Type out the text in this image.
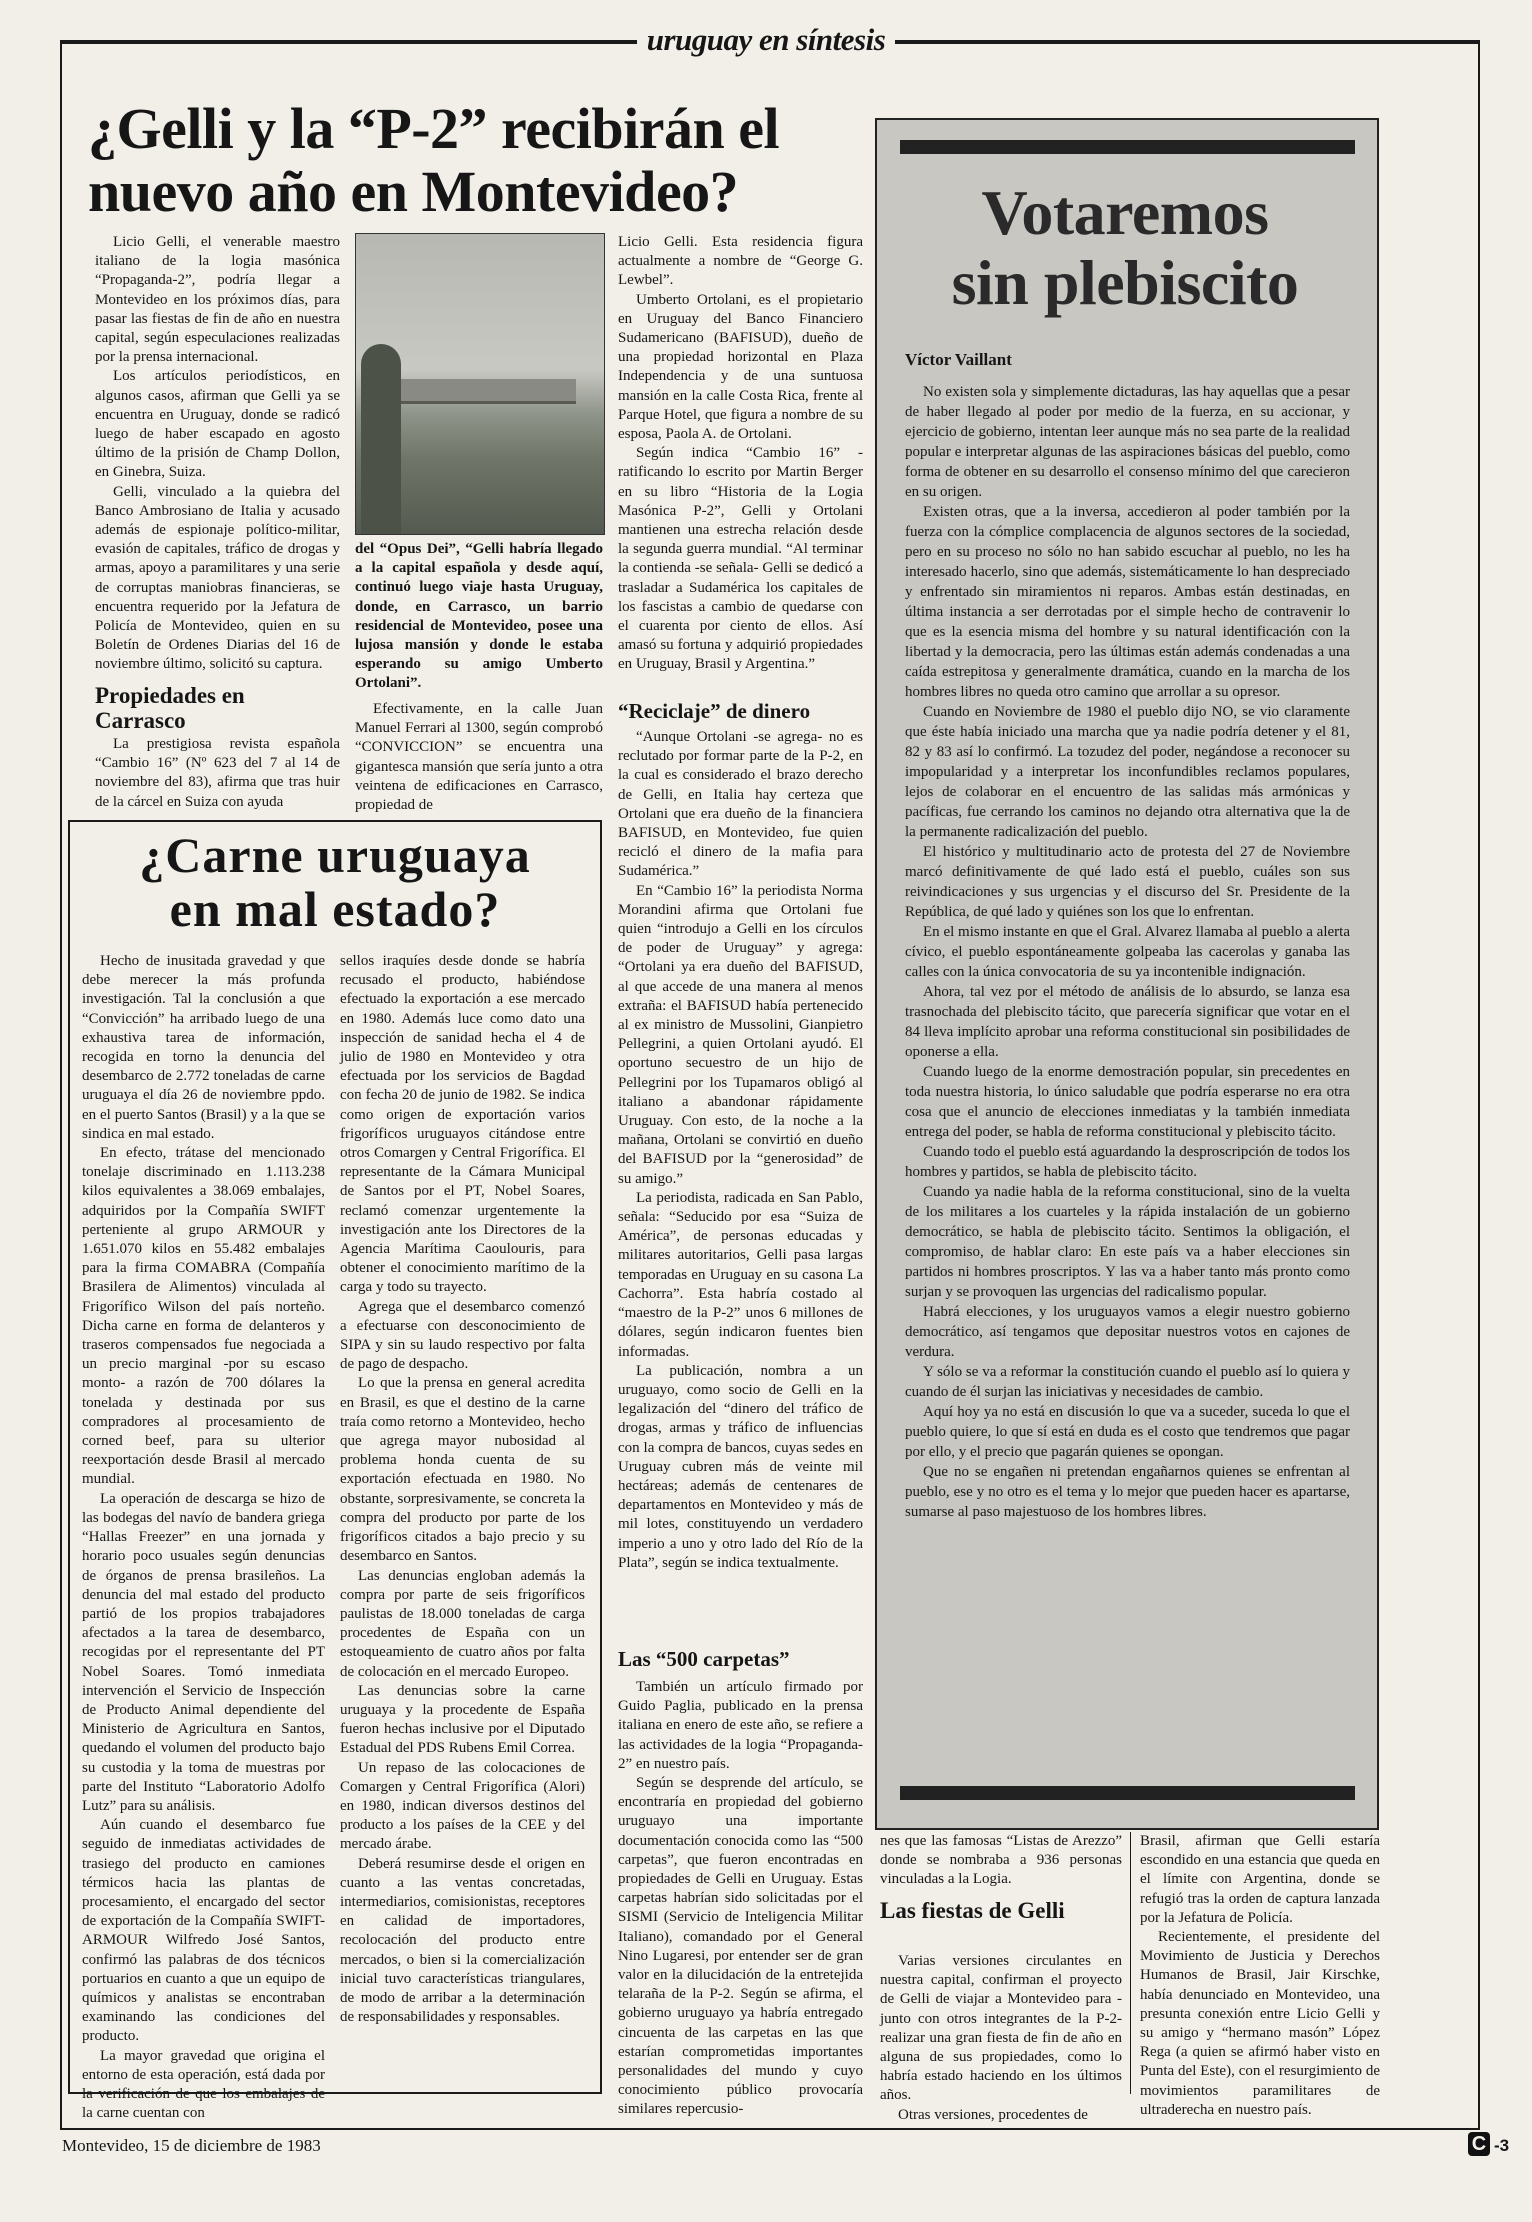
uruguay en síntesis
¿Gelli y la “P-2” recibirán el nuevo año en Montevideo?

Licio Gelli, el venerable maestro italiano de la logia masónica “Propaganda-2”, podría llegar a Montevideo en los próximos días, para pasar las fiestas de fin de año en nuestra capital, según especulaciones realizadas por la prensa internacional.

Los artículos periodísticos, en algunos casos, afirman que Gelli ya se encuentra en Uruguay, donde se radicó luego de haber escapado en agosto último de la prisión de Champ Dollon, en Ginebra, Suiza.

Gelli, vinculado a la quiebra del Banco Ambrosiano de Italia y acusado además de espionaje político-militar, evasión de capitales, tráfico de drogas y armas, apoyo a paramilitares y una serie de corruptas maniobras financieras, se encuentra requerido por la Jefatura de Policía de Montevideo, quien en su Boletín de Ordenes Diarias del 16 de noviembre último, solicitó su captura.

Propiedades en Carrasco

La prestigiosa revista española “Cambio 16” (Nº 623 del 7 al 14 de noviembre del 83), afirma que tras huir de la cárcel en Suiza con ayuda

del “Opus Dei”, “Gelli habría llegado a la capital española y desde aquí, continuó luego viaje hasta Uruguay, donde, en Carrasco, un barrio residencial de Montevideo, posee una lujosa mansión y donde le estaba esperando su amigo Umberto Ortolani”.

Efectivamente, en la calle Juan Manuel Ferrari al 1300, según comprobó “CONVICCION” se encuentra una gigantesca mansión que sería junto a otra veintena de edificaciones en Carrasco, propiedad de

Licio Gelli. Esta residencia figura actualmente a nombre de “George G. Lewbel”.

Umberto Ortolani, es el propietario en Uruguay del Banco Financiero Sudamericano (BAFISUD), dueño de una propiedad horizontal en Plaza Independencia y de una suntuosa mansión en la calle Costa Rica, frente al Parque Hotel, que figura a nombre de su esposa, Paola A. de Ortolani.

Según indica “Cambio 16” -ratificando lo escrito por Martin Berger en su libro “Historia de la Logia Masónica P-2”, Gelli y Ortolani mantienen una estrecha relación desde la segunda guerra mundial. “Al terminar la contienda -se señala- Gelli se dedicó a trasladar a Sudamérica los capitales de los fascistas a cambio de quedarse con el cuarenta por ciento de ellos. Así amasó su fortuna y adquirió propiedades en Uruguay, Brasil y Argentina.”

“Reciclaje” de dinero

“Aunque Ortolani -se agrega- no es reclutado por formar parte de la P-2, en la cual es considerado el brazo derecho de Gelli, en Italia hay certeza que Ortolani que era dueño de la financiera BAFISUD, en Montevideo, fue quien recicló el dinero de la mafia para Sudamérica.”

En “Cambio 16” la periodista Norma Morandini afirma que Ortolani fue quien “introdujo a Gelli en los círculos de poder de Uruguay” y agrega: “Ortolani ya era dueño del BAFISUD, al que accede de una manera al menos extraña: el BAFISUD había pertenecido al ex ministro de Mussolini, Gianpietro Pellegrini, a quien Ortolani ayudó. El oportuno secuestro de un hijo de Pellegrini por los Tupamaros obligó al italiano a abandonar rápidamente Uruguay. Con esto, de la noche a la mañana, Ortolani se convirtió en dueño del BAFISUD por la “generosidad” de su amigo.”

La periodista, radicada en San Pablo, señala: “Seducido por esa “Suiza de América”, de personas educadas y militares autoritarios, Gelli pasa largas temporadas en Uruguay en su casona La Cachorra”. Esta habría costado al “maestro de la P-2” unos 6 millones de dólares, según indicaron fuentes bien informadas.

La publicación, nombra a un uruguayo, como socio de Gelli en la legalización del “dinero del tráfico de drogas, armas y tráfico de influencias con la compra de bancos, cuyas sedes en Uruguay cubren más de veinte mil hectáreas; además de centenares de departamentos en Montevideo y más de mil lotes, constituyendo un verdadero imperio a uno y otro lado del Río de la Plata”, según se indica textualmente.

Las “500 carpetas”

También un artículo firmado por Guido Paglia, publicado en la prensa italiana en enero de este año, se refiere a las actividades de la logia “Propaganda-2” en nuestro país.

Según se desprende del artículo, se encontraría en propiedad del gobierno uruguayo una importante documentación conocida como las “500 carpetas”, que fueron encontradas en propiedades de Gelli en Uruguay. Estas carpetas habrían sido solicitadas por el SISMI (Servicio de Inteligencia Militar Italiano), comandado por el General Nino Lugaresi, por entender ser de gran valor en la dilucidación de la entretejida telaraña de la P-2. Según se afirma, el gobierno uruguayo ya habría entregado cincuenta de las carpetas en las que estarían comprometidas importantes personalidades del mundo y cuyo conocimiento público provocaría similares repercusio-

¿Carne uruguaya
en mal estado?

Hecho de inusitada gravedad y que debe merecer la más profunda investigación. Tal la conclusión a que “Convicción” ha arribado luego de una exhaustiva tarea de información, recogida en torno la denuncia del desembarco de 2.772 toneladas de carne uruguaya el día 26 de noviembre ppdo. en el puerto Santos (Brasil) y a la que se sindica en mal estado.

En efecto, trátase del mencionado tonelaje discriminado en 1.113.238 kilos equivalentes a 38.069 embalajes, adquiridos por la Compañía SWIFT perteniente al grupo ARMOUR y 1.651.070 kilos en 55.482 embalajes para la firma COMABRA (Compañía Brasilera de Alimentos) vinculada al Frigorífico Wilson del país norteño. Dicha carne en forma de delanteros y traseros compensados fue negociada a un precio marginal -por su escaso monto- a razón de 700 dólares la tonelada y destinada por sus compradores al procesamiento de corned beef, para su ulterior reexportación desde Brasil al mercado mundial.

La operación de descarga se hizo de las bodegas del navío de bandera griega “Hallas Freezer” en una jornada y horario poco usuales según denuncias de órganos de prensa brasileños. La denuncia del mal estado del producto partió de los propios trabajadores afectados a la tarea de desembarco, recogidas por el representante del PT Nobel Soares. Tomó inmediata intervención el Servicio de Inspección de Producto Animal dependiente del Ministerio de Agricultura en Santos, quedando el volumen del producto bajo su custodia y la toma de muestras por parte del Instituto “Laboratorio Adolfo Lutz” para su análisis.

Aún cuando el desembarco fue seguido de inmediatas actividades de trasiego del producto en camiones térmicos hacia las plantas de procesamiento, el encargado del sector de exportación de la Compañía SWIFT-ARMOUR Wilfredo José Santos, confirmó las palabras de dos técnicos portuarios en cuanto a que un equipo de químicos y analistas se encontraban examinando las condiciones del producto.

La mayor gravedad que origina el entorno de esta operación, está dada por la verificación de que los embalajes de la carne cuentan con

sellos iraquíes desde donde se habría recusado el producto, habiéndose efectuado la exportación a ese mercado en 1980. Además luce como dato una inspección de sanidad hecha el 4 de julio de 1980 en Montevideo y otra efectuada por los servicios de Bagdad con fecha 20 de junio de 1982. Se indica como origen de exportación varios frigoríficos uruguayos citándose entre otros Comargen y Central Frigorífica. El representante de la Cámara Municipal de Santos por el PT, Nobel Soares, reclamó comenzar urgentemente la investigación ante los Directores de la Agencia Marítima Caoulouris, para obtener el conocimiento marítimo de la carga y todo su trayecto.

Agrega que el desembarco comenzó a efectuarse con desconocimiento de SIPA y sin su laudo respectivo por falta de pago de despacho.

Lo que la prensa en general acredita en Brasil, es que el destino de la carne traía como retorno a Montevideo, hecho que agrega mayor nubosidad al problema honda cuenta de su exportación efectuada en 1980. No obstante, sorpresivamente, se concreta la compra del producto por parte de los frigoríficos citados a bajo precio y su desembarco en Santos.

Las denuncias engloban además la compra por parte de seis frigoríficos paulistas de 18.000 toneladas de carga procedentes de España con un estoqueamiento de cuatro años por falta de colocación en el mercado Europeo.

Las denuncias sobre la carne uruguaya y la procedente de España fueron hechas inclusive por el Diputado Estadual del PDS Rubens Emil Correa.

Un repaso de las colocaciones de Comargen y Central Frigorífica (Alori) en 1980, indican diversos destinos del producto a los países de la CEE y del mercado árabe.

Deberá resumirse desde el origen en cuanto a las ventas concretadas, intermediarios, comisionistas, receptores en calidad de importadores, recolocación del producto entre mercados, o bien si la comercialización inicial tuvo características triangulares, de modo de arribar a la determinación de responsabilidades y responsables.

Votaremos
sin plebiscito
Víctor Vaillant

No existen sola y simplemente dictaduras, las hay aquellas que a pesar de haber llegado al poder por medio de la fuerza, en su accionar, y ejercicio de gobierno, intentan leer aunque más no sea parte de la realidad popular e interpretar algunas de las aspiraciones básicas del pueblo, como forma de obtener en su desarrollo el consenso mínimo del que carecieron en su origen.

Existen otras, que a la inversa, accedieron al poder también por la fuerza con la cómplice complacencia de algunos sectores de la sociedad, pero en su proceso no sólo no han sabido escuchar al pueblo, no les ha interesado hacerlo, sino que además, sistemáticamente lo han despreciado y enfrentado sin miramientos ni reparos. Ambas están destinadas, en última instancia a ser derrotadas por el simple hecho de contravenir lo que es la esencia misma del hombre y su natural identificación con la libertad y la democracia, pero las últimas están además condenadas a una caída estrepitosa y generalmente dramática, cuando en la marcha de los hombres libres no queda otro camino que arrollar a su opresor.

Cuando en Noviembre de 1980 el pueblo dijo NO, se vio claramente que éste había iniciado una marcha que ya nadie podría detener y el 81, 82 y 83 así lo confirmó. La tozudez del poder, negándose a reconocer su impopularidad y a interpretar los inconfundibles reclamos populares, lejos de colaborar en el encuentro de las salidas más armónicas y pacíficas, fue cerrando los caminos no dejando otra alternativa que la de la permanente radicalización del pueblo.

El histórico y multitudinario acto de protesta del 27 de Noviembre marcó definitivamente de qué lado está el pueblo, cuáles son sus reivindicaciones y sus urgencias y el discurso del Sr. Presidente de la República, de qué lado y quiénes son los que lo enfrentan.

En el mismo instante en que el Gral. Alvarez llamaba al pueblo a alerta cívico, el pueblo espontáneamente golpeaba las cacerolas y ganaba las calles con la única convocatoria de su ya incontenible indignación.

Ahora, tal vez por el método de análisis de lo absurdo, se lanza esa trasnochada del plebiscito tácito, que parecería significar que votar en el 84 lleva implícito aprobar una reforma constitucional sin posibilidades de oponerse a ella.

Cuando luego de la enorme demostración popular, sin precedentes en toda nuestra historia, lo único saludable que podría esperarse no era otra cosa que el anuncio de elecciones inmediatas y la también inmediata entrega del poder, se habla de reforma constitucional y plebiscito tácito.

Cuando todo el pueblo está aguardando la desproscripción de todos los hombres y partidos, se habla de plebiscito tácito.

Cuando ya nadie habla de la reforma constitucional, sino de la vuelta de los militares a los cuarteles y la rápida instalación de un gobierno democrático, se habla de plebiscito tácito. Sentimos la obligación, el compromiso, de hablar claro: En este país va a haber elecciones sin partidos ni hombres proscriptos. Y las va a haber tanto más pronto como surjan y se provoquen las urgencias del radicalismo popular.

Habrá elecciones, y los uruguayos vamos a elegir nuestro gobierno democrático, así tengamos que depositar nuestros votos en cajones de verdura.

Y sólo se va a reformar la constitución cuando el pueblo así lo quiera y cuando de él surjan las iniciativas y necesidades de cambio.

Aquí hoy ya no está en discusión lo que va a suceder, suceda lo que el pueblo quiere, lo que sí está en duda es el costo que tendremos que pagar por ello, y el precio que pagarán quienes se opongan.

Que no se engañen ni pretendan engañarnos quienes se enfrentan al pueblo, ese y no otro es el tema y lo mejor que pueden hacer es apartarse, sumarse al paso majestuoso de los hombres libres.

nes que las famosas “Listas de Arezzo” donde se nombraba a 936 personas vinculadas a la Logia.

Las fiestas de Gelli

Varias versiones circulantes en nuestra capital, confirman el proyecto de Gelli de viajar a Montevideo para -junto con otros integrantes de la P-2- realizar una gran fiesta de fin de año en alguna de sus propiedades, como lo habría estado haciendo en los últimos años.

Otras versiones, procedentes de

Brasil, afirman que Gelli estaría escondido en una estancia que queda en el límite con Argentina, donde se refugió tras la orden de captura lanzada por la Jefatura de Policía.

Recientemente, el presidente del Movimiento de Justicia y Derechos Humanos de Brasil, Jair Kirschke, había denunciado en Montevideo, una presunta conexión entre Licio Gelli y su amigo y “hermano masón” López Rega (a quien se afirmó haber visto en Punta del Este), con el resurgimiento de movimientos paramilitares de ultraderecha en nuestro país.

Montevideo, 15 de diciembre de 1983	C -3
